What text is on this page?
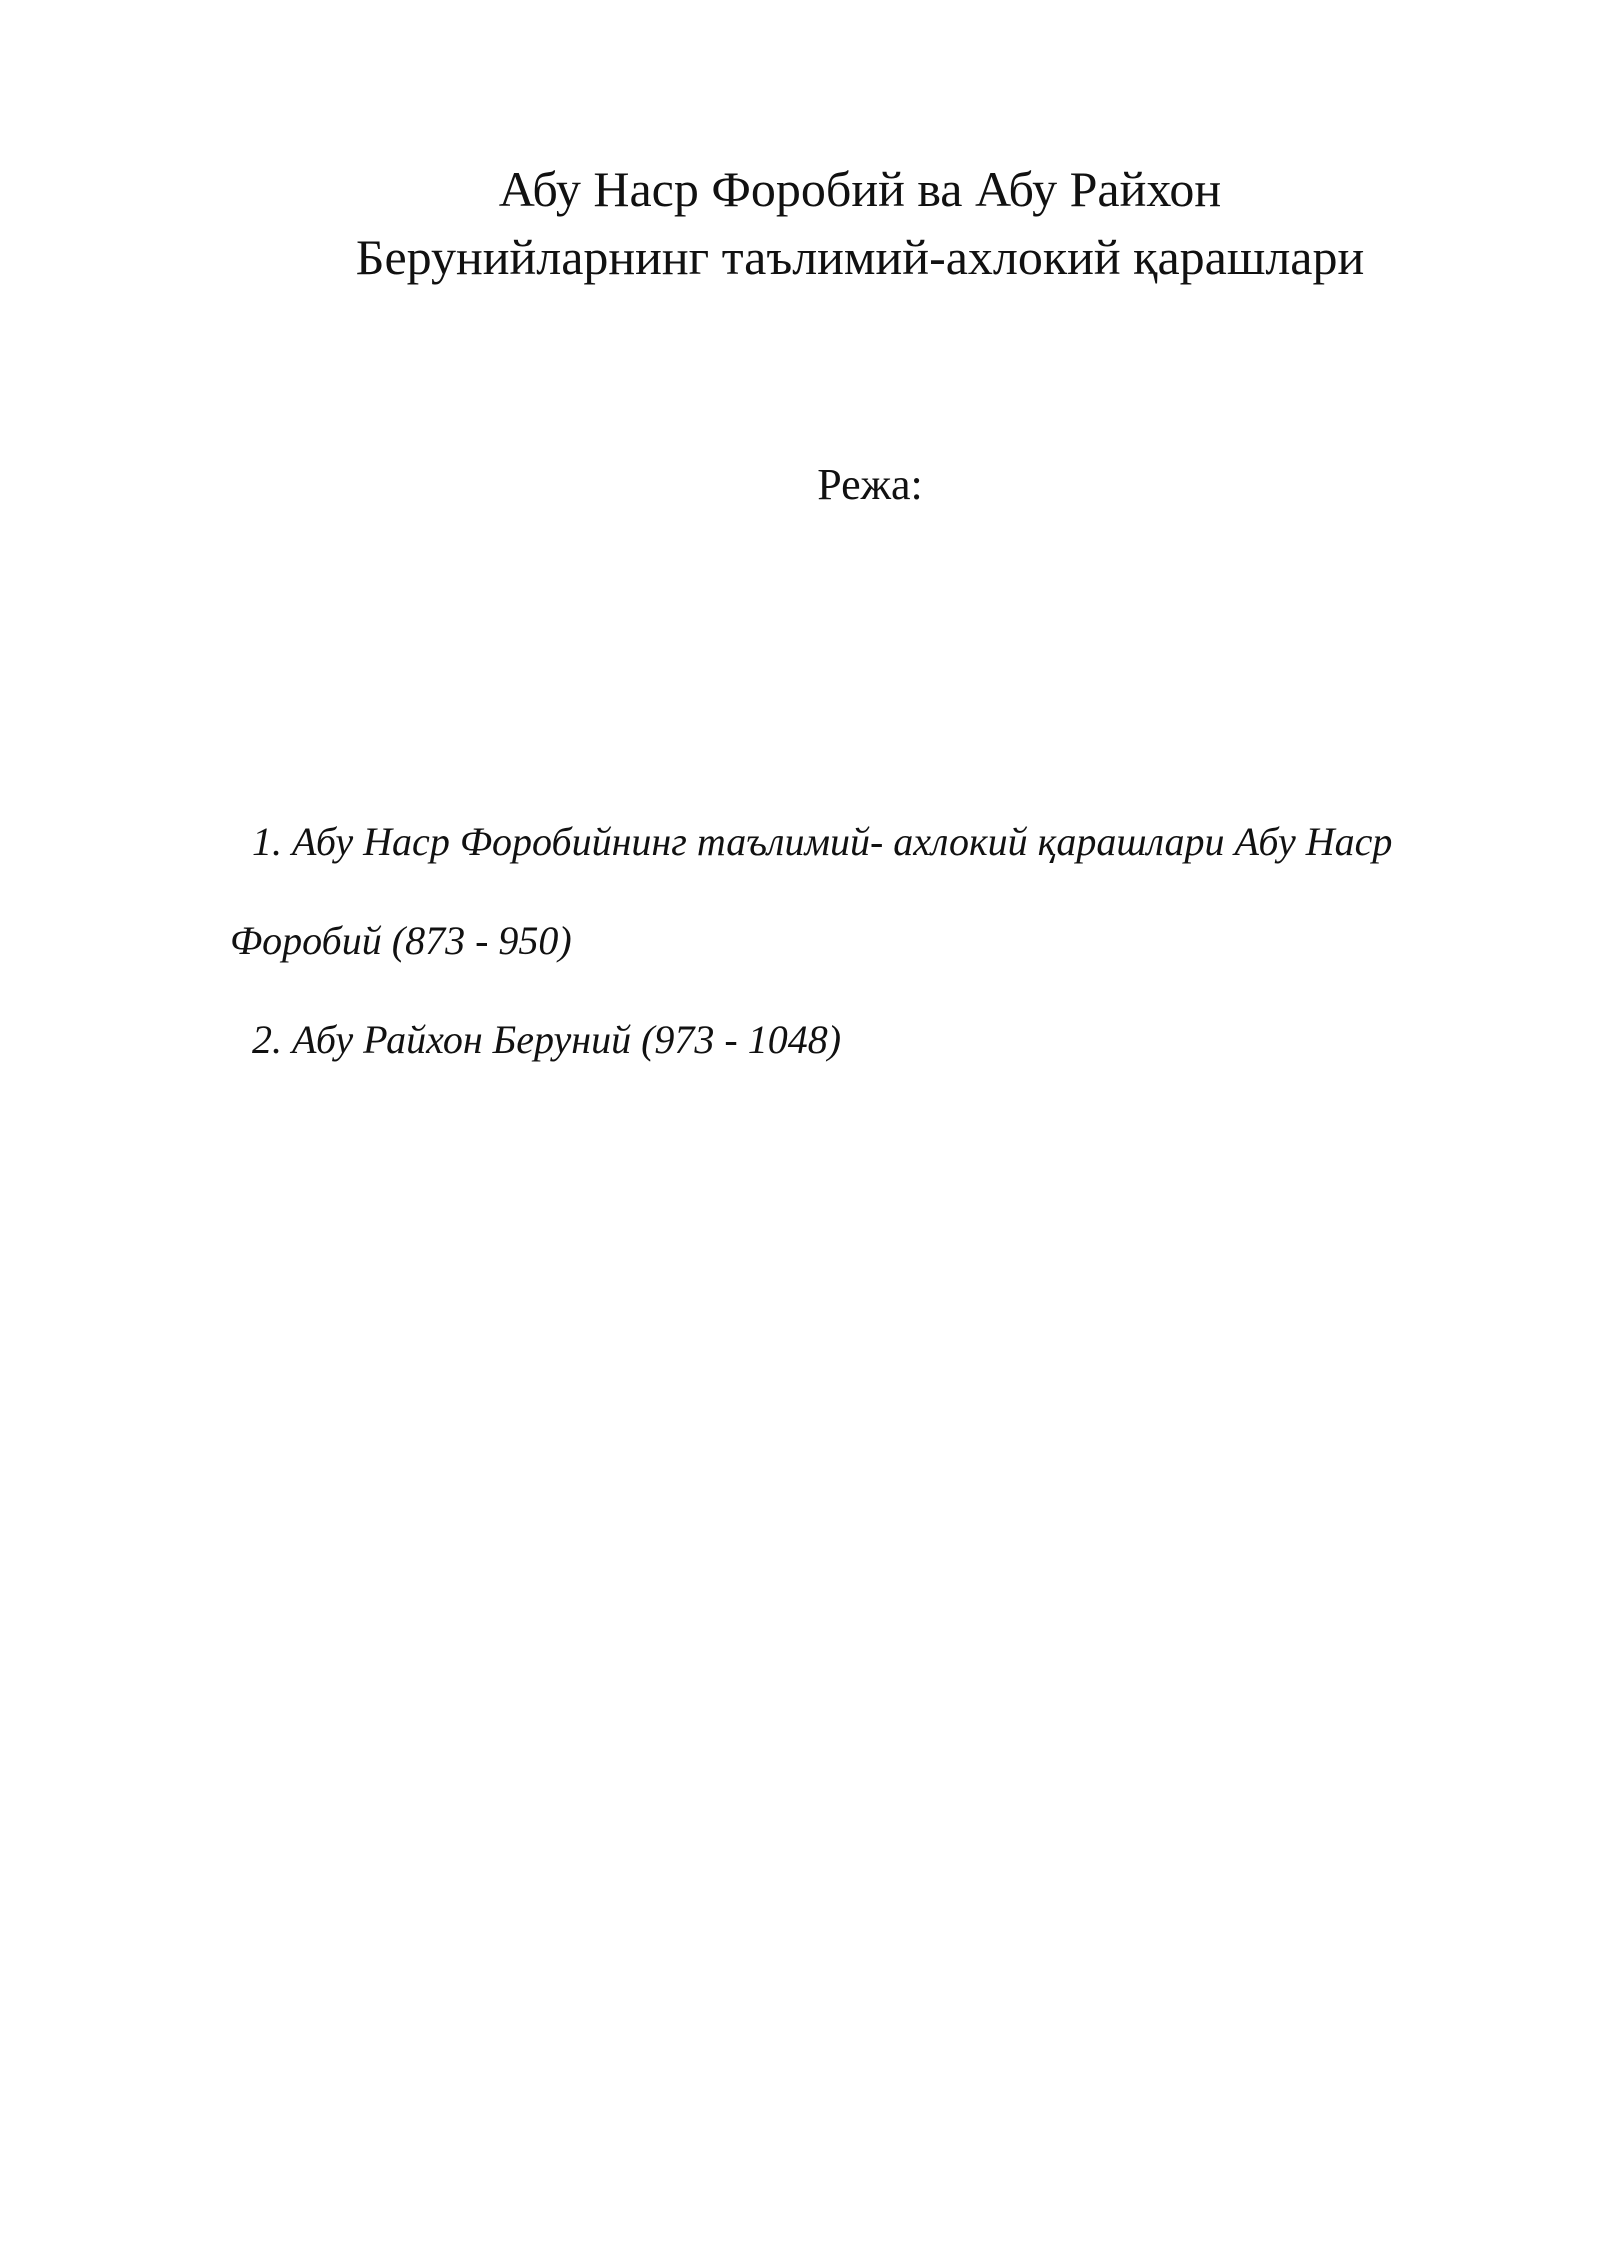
Абу Наср Форобий ва Абу Райхон
Берунийларнинг таълимий-ахлокий қарашлари

Режа:

1. Абу Наср Форобийнинг таълимий- ахлокий қарашлари Абу Наср
Форобий (873 - 950)
2. Абу Райхон Беруний (973 - 1048)
